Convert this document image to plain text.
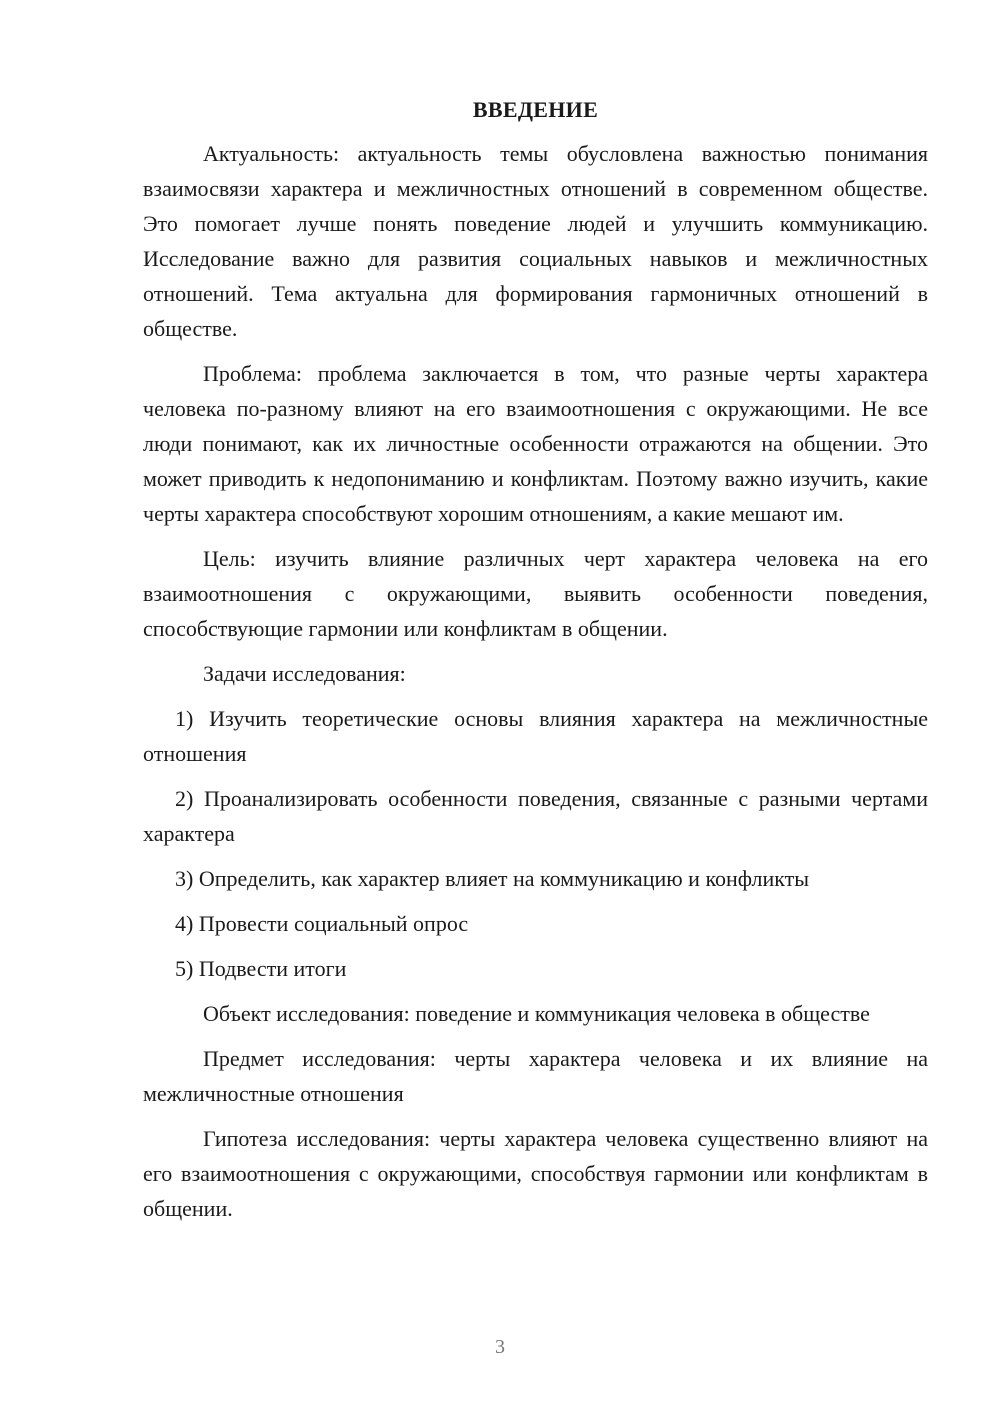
ВВЕДЕНИЕ

Актуальность: актуальность темы обусловлена важностью понимания взаимосвязи характера и межличностных отношений в современном обществе. Это помогает лучше понять поведение людей и улучшить коммуникацию. Исследование важно для развития социальных навыков и межличностных отношений. Тема актуальна для формирования гармоничных отношений в обществе.

Проблема: проблема заключается в том, что разные черты характера человека по-разному влияют на его взаимоотношения с окружающими. Не все люди понимают, как их личностные особенности отражаются на общении. Это может приводить к недопониманию и конфликтам. Поэтому важно изучить, какие черты характера способствуют хорошим отношениям, а какие мешают им.

Цель: изучить влияние различных черт характера человека на его взаимоотношения с окружающими, выявить особенности поведения, способствующие гармонии или конфликтам в общении.

Задачи исследования:

1) Изучить теоретические основы влияния характера на межличностные отношения

2) Проанализировать особенности поведения, связанные с разными чертами характера

3) Определить, как характер влияет на коммуникацию и конфликты

4) Провести социальный опрос

5) Подвести итоги

Объект исследования: поведение и коммуникация человека в обществе

Предмет исследования: черты характера человека и их влияние на межличностные отношения

Гипотеза исследования: черты характера человека существенно влияют на его взаимоотношения с окружающими, способствуя гармонии или конфликтам в общении.

3
